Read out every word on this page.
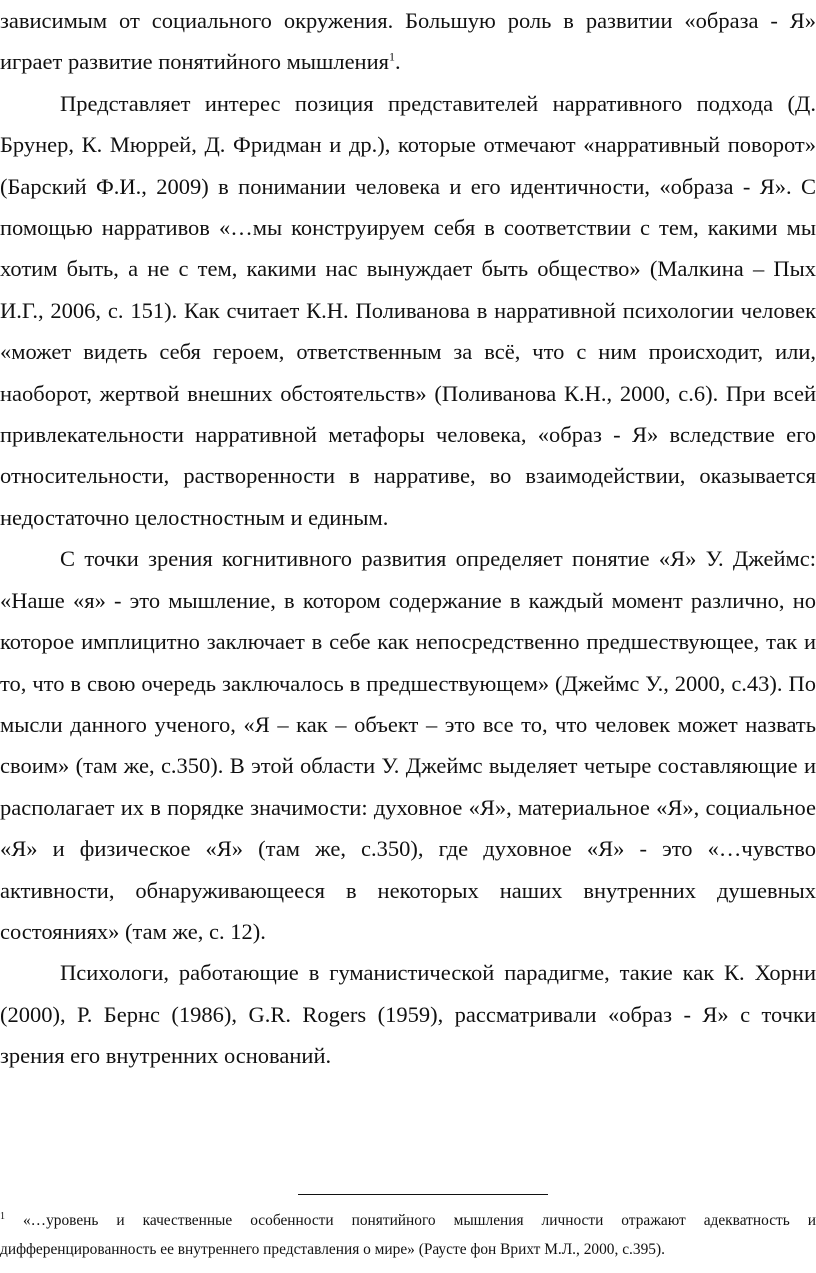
зависимым от социального окружения. Большую роль в развитии «образа - Я» играет развитие понятийного мышления$^1$.

Представляет интерес позиция представителей нарративного подхода (Д. Брунер, К. Мюррей, Д. Фридман и др.), которые отмечают «нарративный поворот» (Барский Ф.И., 2009) в понимании человека и его идентичности, «образа - Я». С помощью нарративов «…мы конструируем себя в соответствии с тем, какими мы хотим быть, а не с тем, какими нас вынуждает быть общество» (Малкина – Пых И.Г., 2006, с. 151). Как считает К.Н. Поливанова в нарративной психологии человек «может видеть себя героем, ответственным за всё, что с ним происходит, или, наоборот, жертвой внешних обстоятельств» (Поливанова К.Н., 2000, с.6). При всей привлекательности нарративной метафоры человека, «образ - Я» вследствие его относительности, растворенности в нарративе, во взаимодействии, оказывается недостаточно целостностным и единым.

С точки зрения когнитивного развития определяет понятие «Я» У. Джеймс: «Наше «я» - это мышление, в котором содержание в каждый момент различно, но которое имплицитно заключает в себе как непосредственно предшествующее, так и то, что в свою очередь заключалось в предшествующем» (Джеймс У., 2000, с.43). По мысли данного ученого, «Я – как – объект – это все то, что человек может назвать своим» (там же, с.350). В этой области У. Джеймс выделяет четыре составляющие и располагает их в порядке значимости: духовное «Я», материальное «Я», социальное «Я» и физическое «Я» (там же, с.350), где духовное «Я» - это «…чувство активности, обнаруживающееся в некоторых наших внутренних душевных состояниях» (там же, с. 12).

Психологи, работающие в гуманистической парадигме, такие как К. Хорни (2000), Р. Бернс (1986), G.R. Rogers (1959), рассматривали «образ - Я» с точки зрения его внутренних оснований.

$^1$ «…уровень и качественные особенности понятийного мышления личности отражают адекватность и дифференцированность ее внутреннего представления о мире» (Раусте фон Врихт М.Л., 2000, с.395).
